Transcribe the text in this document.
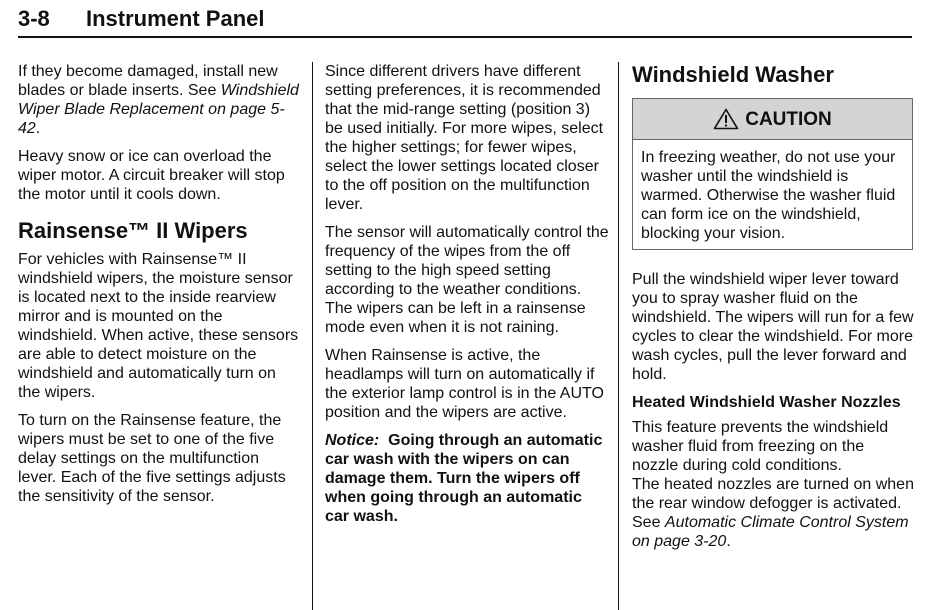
3-8 Instrument Panel

If they become damaged, install new blades or blade inserts. See Windshield Wiper Blade Replacement on page 5-42.

Heavy snow or ice can overload the wiper motor. A circuit breaker will stop the motor until it cools down.

Rainsense™ II Wipers

For vehicles with Rainsense™ II windshield wipers, the moisture sensor is located next to the inside rearview mirror and is mounted on the windshield. When active, these sensors are able to detect moisture on the windshield and automatically turn on the wipers.

To turn on the Rainsense feature, the wipers must be set to one of the five delay settings on the multifunction lever. Each of the five settings adjusts the sensitivity of the sensor.

Since different drivers have different setting preferences, it is recommended that the mid-range setting (position 3) be used initially. For more wipes, select the higher settings; for fewer wipes, select the lower settings located closer to the off position on the multifunction lever.

The sensor will automatically control the frequency of the wipes from the off setting to the high speed setting according to the weather conditions. The wipers can be left in a rainsense mode even when it is not raining.

When Rainsense is active, the headlamps will turn on automatically if the exterior lamp control is in the AUTO position and the wipers are active.

Notice: Going through an automatic car wash with the wipers on can damage them. Turn the wipers off when going through an automatic car wash.

Windshield Washer
CAUTION

In freezing weather, do not use your washer until the windshield is warmed. Otherwise the washer fluid can form ice on the windshield, blocking your vision.

Pull the windshield wiper lever toward you to spray washer fluid on the windshield. The wipers will run for a few cycles to clear the windshield. For more wash cycles, pull the lever forward and hold.

Heated Windshield Washer Nozzles

This feature prevents the windshield washer fluid from freezing on the nozzle during cold conditions.

The heated nozzles are turned on when the rear window defogger is activated. See Automatic Climate Control System on page 3-20.
